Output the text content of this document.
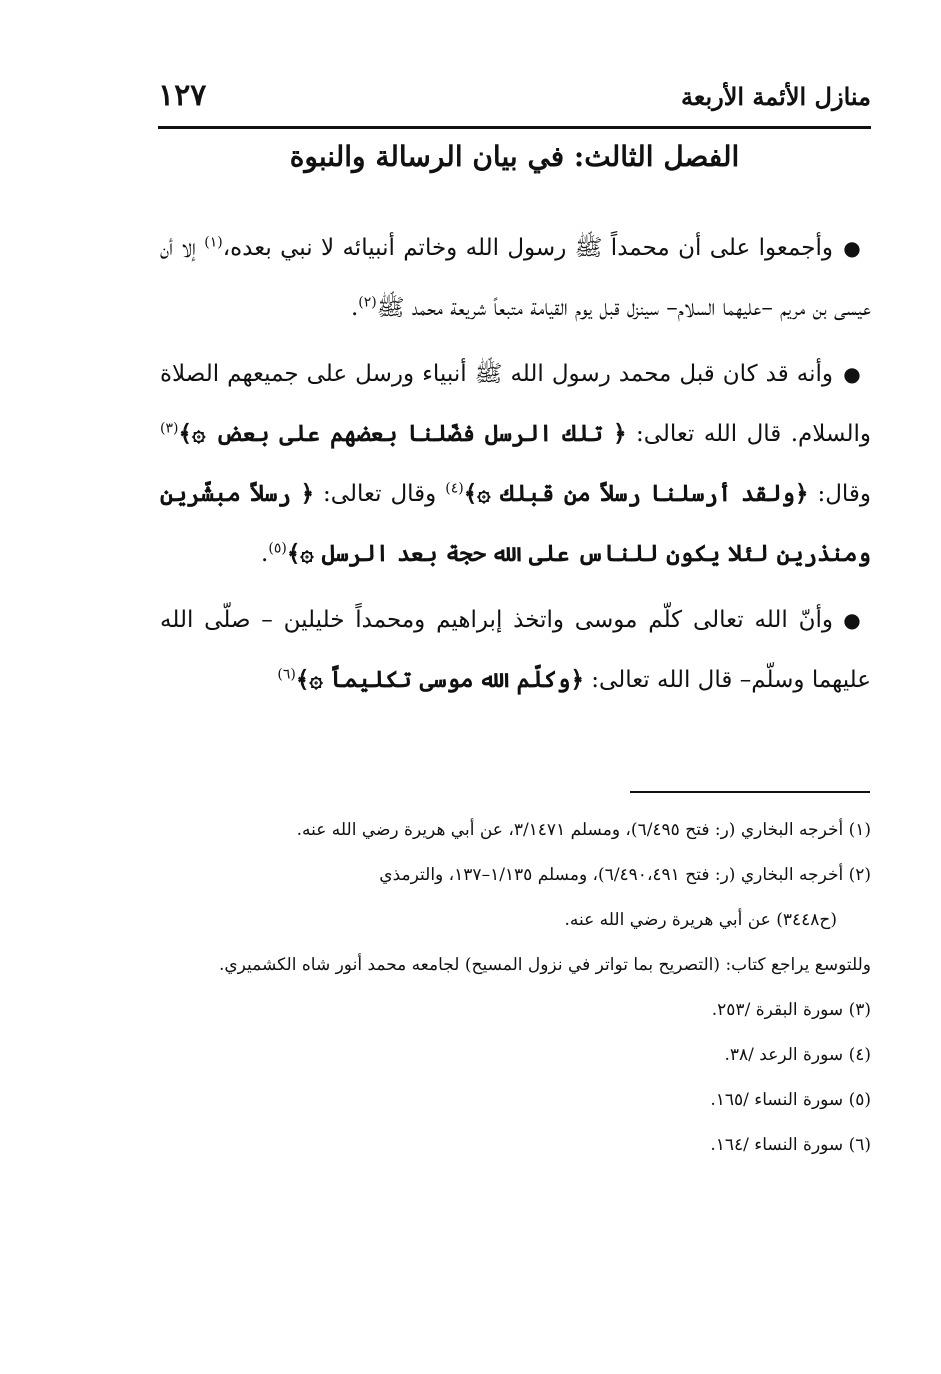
منازل الأئمة الأربعة
١٢٧
الفصل الثالث: في بيان الرسالة والنبوة

●وأجمعوا على أن محمداً ﷺ رسول الله وخاتم أنبيائه لا نبي بعده،$^{(١)}$ إلا أن عيسى بن مريم –عليهما السلام– سينزل قبل يوم القيامة متبعاً شريعة محمد ﷺ$^{(٢)}$.

●وأنه قد كان قبل محمد رسول الله ﷺ أنبياء ورسل على جميعهم الصلاة والسلام. قال الله تعالى: ﴿ تلك الرسل فضّلنا بعضهم على بعض ۞﴾$^{(٣)}$ وقال: ﴿ولقد أرسلنا رسلاً من قبلك ۞﴾$^{(٤)}$ وقال تعالى: ﴿ رسلاً مبشّرين ومنذرين لئلا يكون للناس على الله حجة بعد الرسل ۞﴾$^{(٥)}$.

●وأنّ الله تعالى كلّم موسى واتخذ إبراهيم ومحمداً خليلين – صلّى الله عليهما وسلّم– قال الله تعالى: ﴿وكلّم الله موسى تكليماً ۞﴾$^{(٦)}$

(١) أخرجه البخاري (ر: فتح ٦/٤٩٥)، ومسلم ٣/١٤٧١، عن أبي هريرة رضي الله عنه.

(٢) أخرجه البخاري (ر: فتح ٦/٤٩٠،٤٩١)، ومسلم ١/١٣٥–١٣٧، والترمذي

(ح٣٤٤٨) عن أبي هريرة رضي الله عنه.

وللتوسع يراجع كتاب: (التصريح بما تواتر في نزول المسيح) لجامعه محمد أنور شاه الكشميري.

(٣) سورة البقرة /٢٥٣.

(٤) سورة الرعد /٣٨.

(٥) سورة النساء /١٦٥.

(٦) سورة النساء /١٦٤.
